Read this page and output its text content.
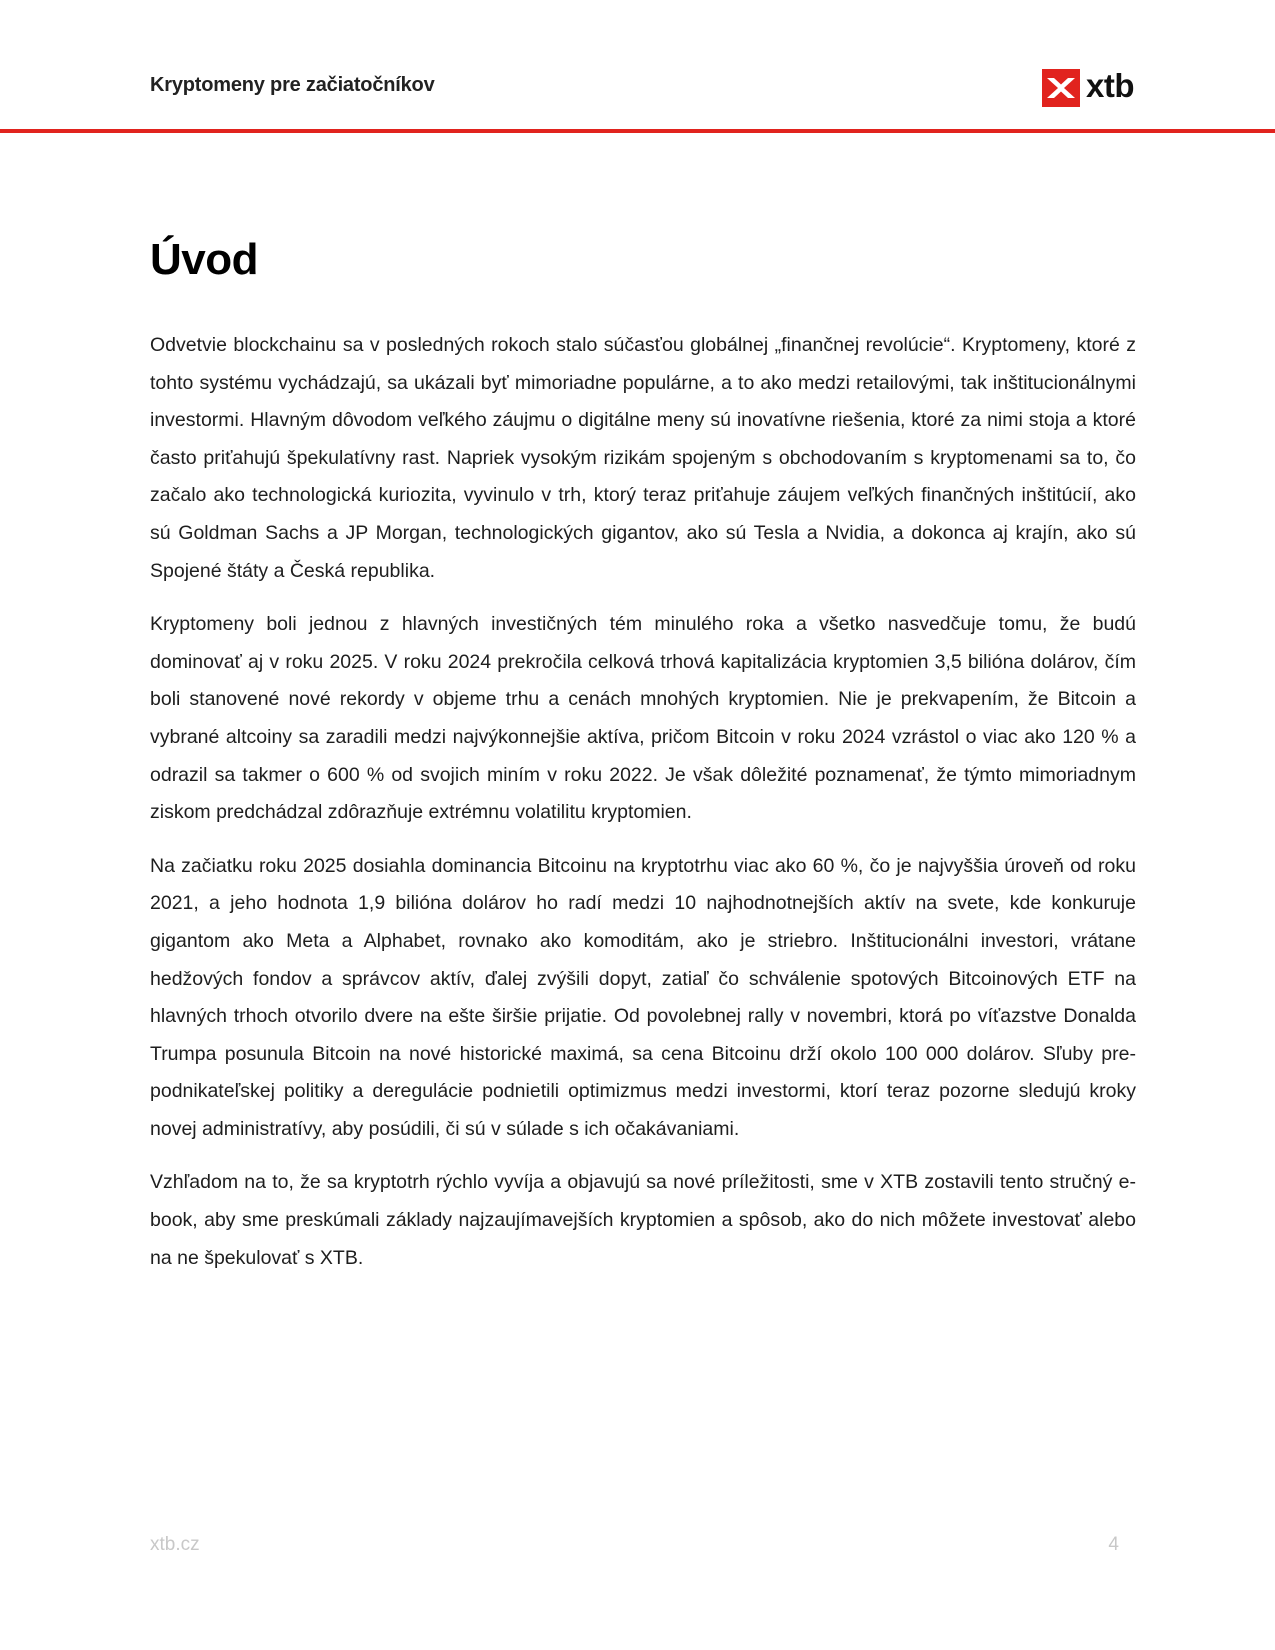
Kryptomeny pre začiatočníkov	xtb
Úvod

Odvetvie blockchainu sa v posledných rokoch stalo súčasťou globálnej „finančnej revolúcie“. Kryptomeny, ktoré z tohto systému vychádzajú, sa ukázali byť mimoriadne populárne, a to ako medzi retailovými, tak inštitucionálnymi investormi. Hlavným dôvodom veľkého záujmu o digitálne meny sú inovatívne riešenia, ktoré za nimi stoja a ktoré často priťahujú špekulatívny rast. Napriek vysokým rizikám spojeným s obchodovaním s kryptomenami sa to, čo začalo ako technologická kuriozita, vyvinulo v trh, ktorý teraz priťahuje záujem veľkých finančných inštitúcií, ako sú Goldman Sachs a JP Morgan, technologických gigantov, ako sú Tesla a Nvidia, a dokonca aj krajín, ako sú Spojené štáty a Česká republika.

Kryptomeny boli jednou z hlavných investičných tém minulého roka a všetko nasvedčuje tomu, že budú dominovať aj v roku 2025. V roku 2024 prekročila celková trhová kapitalizácia kryptomien 3,5 bilióna dolárov, čím boli stanovené nové rekordy v objeme trhu a cenách mnohých kryptomien. Nie je prekvapením, že Bitcoin a vybrané altcoiny sa zaradili medzi najvýkonnejšie aktíva, pričom Bitcoin v roku 2024 vzrástol o viac ako 120 % a odrazil sa takmer o 600 % od svojich miním v roku 2022. Je však dôležité poznamenať, že týmto mimoriadnym ziskom predchádzal zdôrazňuje extrémnu volatilitu kryptomien.

Na začiatku roku 2025 dosiahla dominancia Bitcoinu na kryptotrhu viac ako 60 %, čo je najvyššia úroveň od roku 2021, a jeho hodnota 1,9 bilióna dolárov ho radí medzi 10 najhodnotnejších aktív na svete, kde konkuruje gigantom ako Meta a Alphabet, rovnako ako komoditám, ako je striebro. Inštitucionálni investori, vrátane hedžových fondov a správcov aktív, ďalej zvýšili dopyt, zatiaľ čo schválenie spotových Bitcoinových ETF na hlavných trhoch otvorilo dvere na ešte širšie prijatie. Od povolebnej rally v novembri, ktorá po víťazstve Donalda Trumpa posunula Bitcoin na nové historické maximá, sa cena Bitcoinu drží okolo 100 000 dolárov. Sľuby pre-podnikateľskej politiky a deregulácie podnietili optimizmus medzi investormi, ktorí teraz pozorne sledujú kroky novej administratívy, aby posúdili, či sú v súlade s ich očakávaniami.

Vzhľadom na to, že sa kryptotrh rýchlo vyvíja a objavujú sa nové príležitosti, sme v XTB zostavili tento stručný e-book, aby sme preskúmali základy najzaujímavejších kryptomien a spôsob, ako do nich môžete investovať alebo na ne špekulovať s XTB.

xtb.cz	4
